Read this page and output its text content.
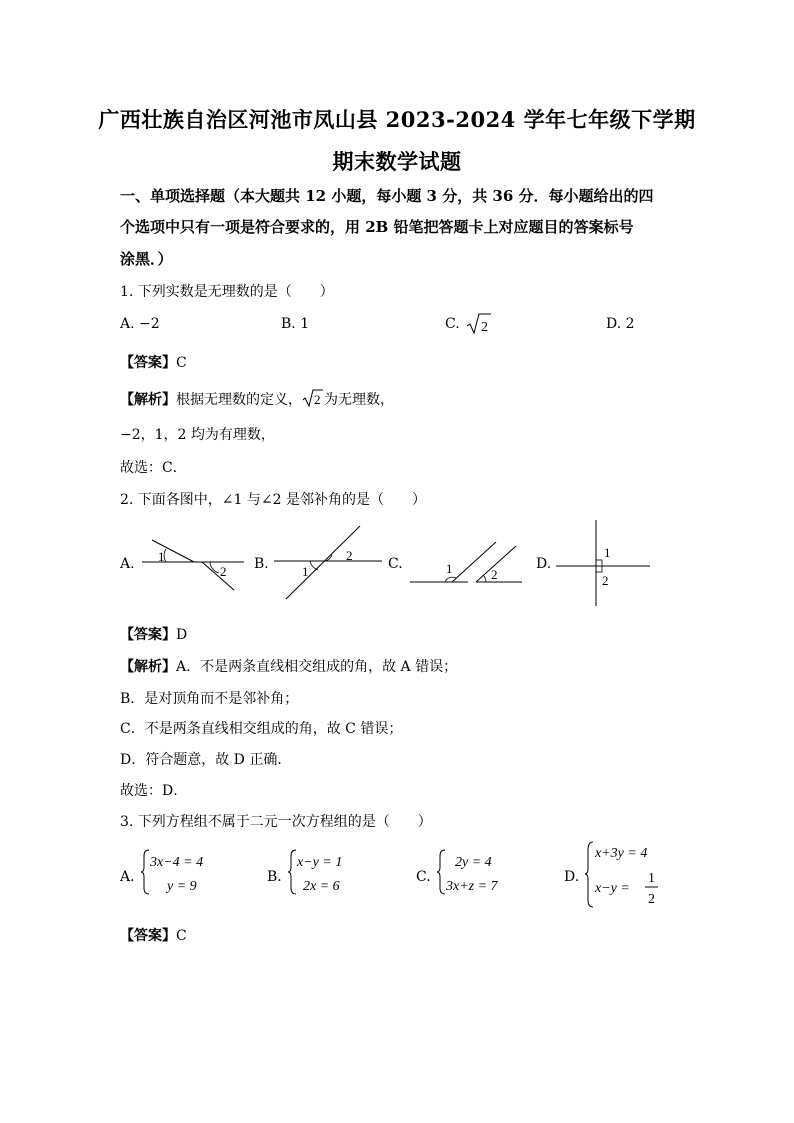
广西壮族自治区河池市凤山县 2023-2024 学年七年级下学期
期末数学试题
一、单项选择题（本大题共 12 小题，每小题 3 分，共 36 分．每小题给出的四
个选项中只有一项是符合要求的，用 2B 铅笔把答题卡上对应题目的答案标号
涂黑．）
1. 下列实数是无理数的是（　　）
A. −2	B. 1	C. 2	D. 2
【答案】C
【解析】根据无理数的定义， 2 为无理数，
−2，1，2 均为有理数，
故选：C．
2. 下面各图中，∠1 与∠2 是邻补角的是（　　）
A. 1
2 B.
2
1	C.	1	2
D.
1
2
【答案】D
【解析】A．不是两条直线相交组成的角，故 A 错误；
B．是对顶角而不是邻补角；
C．不是两条直线相交组成的角，故 C 错误；
D．符合题意，故 D 正确．
故选：D．
3. 下列方程组不属于二元一次方程组的是（　　）
A.
3x−4 = 4
y = 9
B.
x−y = 1
2x = 6
C.
2y = 4
3x+z = 7
D.
x+3y = 4
x−y =
1
2
【答案】C
